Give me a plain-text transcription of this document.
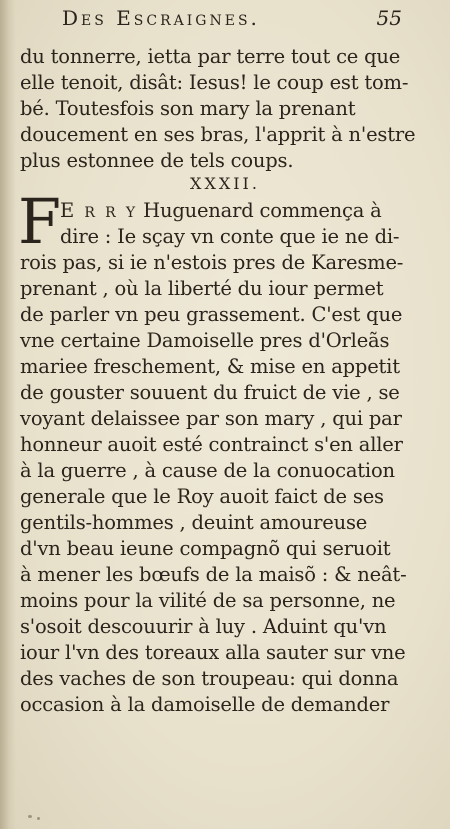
Des Escraignes.	55
du tonnerre, ietta par terre tout ce que
elle tenoit, disât: Iesus! le coup est tom-
bé. Toutesfois son mary la prenant
doucement en ses bras, l'apprit à n'estre
plus estonnee de tels coups.
XXXII.
F
E r r y Huguenard commença à
dire : Ie sçay vn conte que ie ne di-
rois pas, si ie n'estois pres de Karesme-
prenant , où la liberté du iour permet
de parler vn peu grassement. C'est que
vne certaine Damoiselle pres d'Orleãs
mariee freschement, & mise en appetit
de gouster souuent du fruict de vie , se
voyant delaissee par son mary , qui par
honneur auoit esté contrainct s'en aller
à la guerre , à cause de la conuocation
generale que le Roy auoit faict de ses
gentils-hommes , deuint amoureuse
d'vn beau ieune compagnõ qui seruoit
à mener les bœufs de la maisõ : & neât-
moins pour la vilité de sa personne, ne
s'osoit descouurir à luy . Aduint qu'vn
iour l'vn des toreaux alla sauter sur vne
des vaches de son troupeau: qui donna
occasion à la damoiselle de demander
